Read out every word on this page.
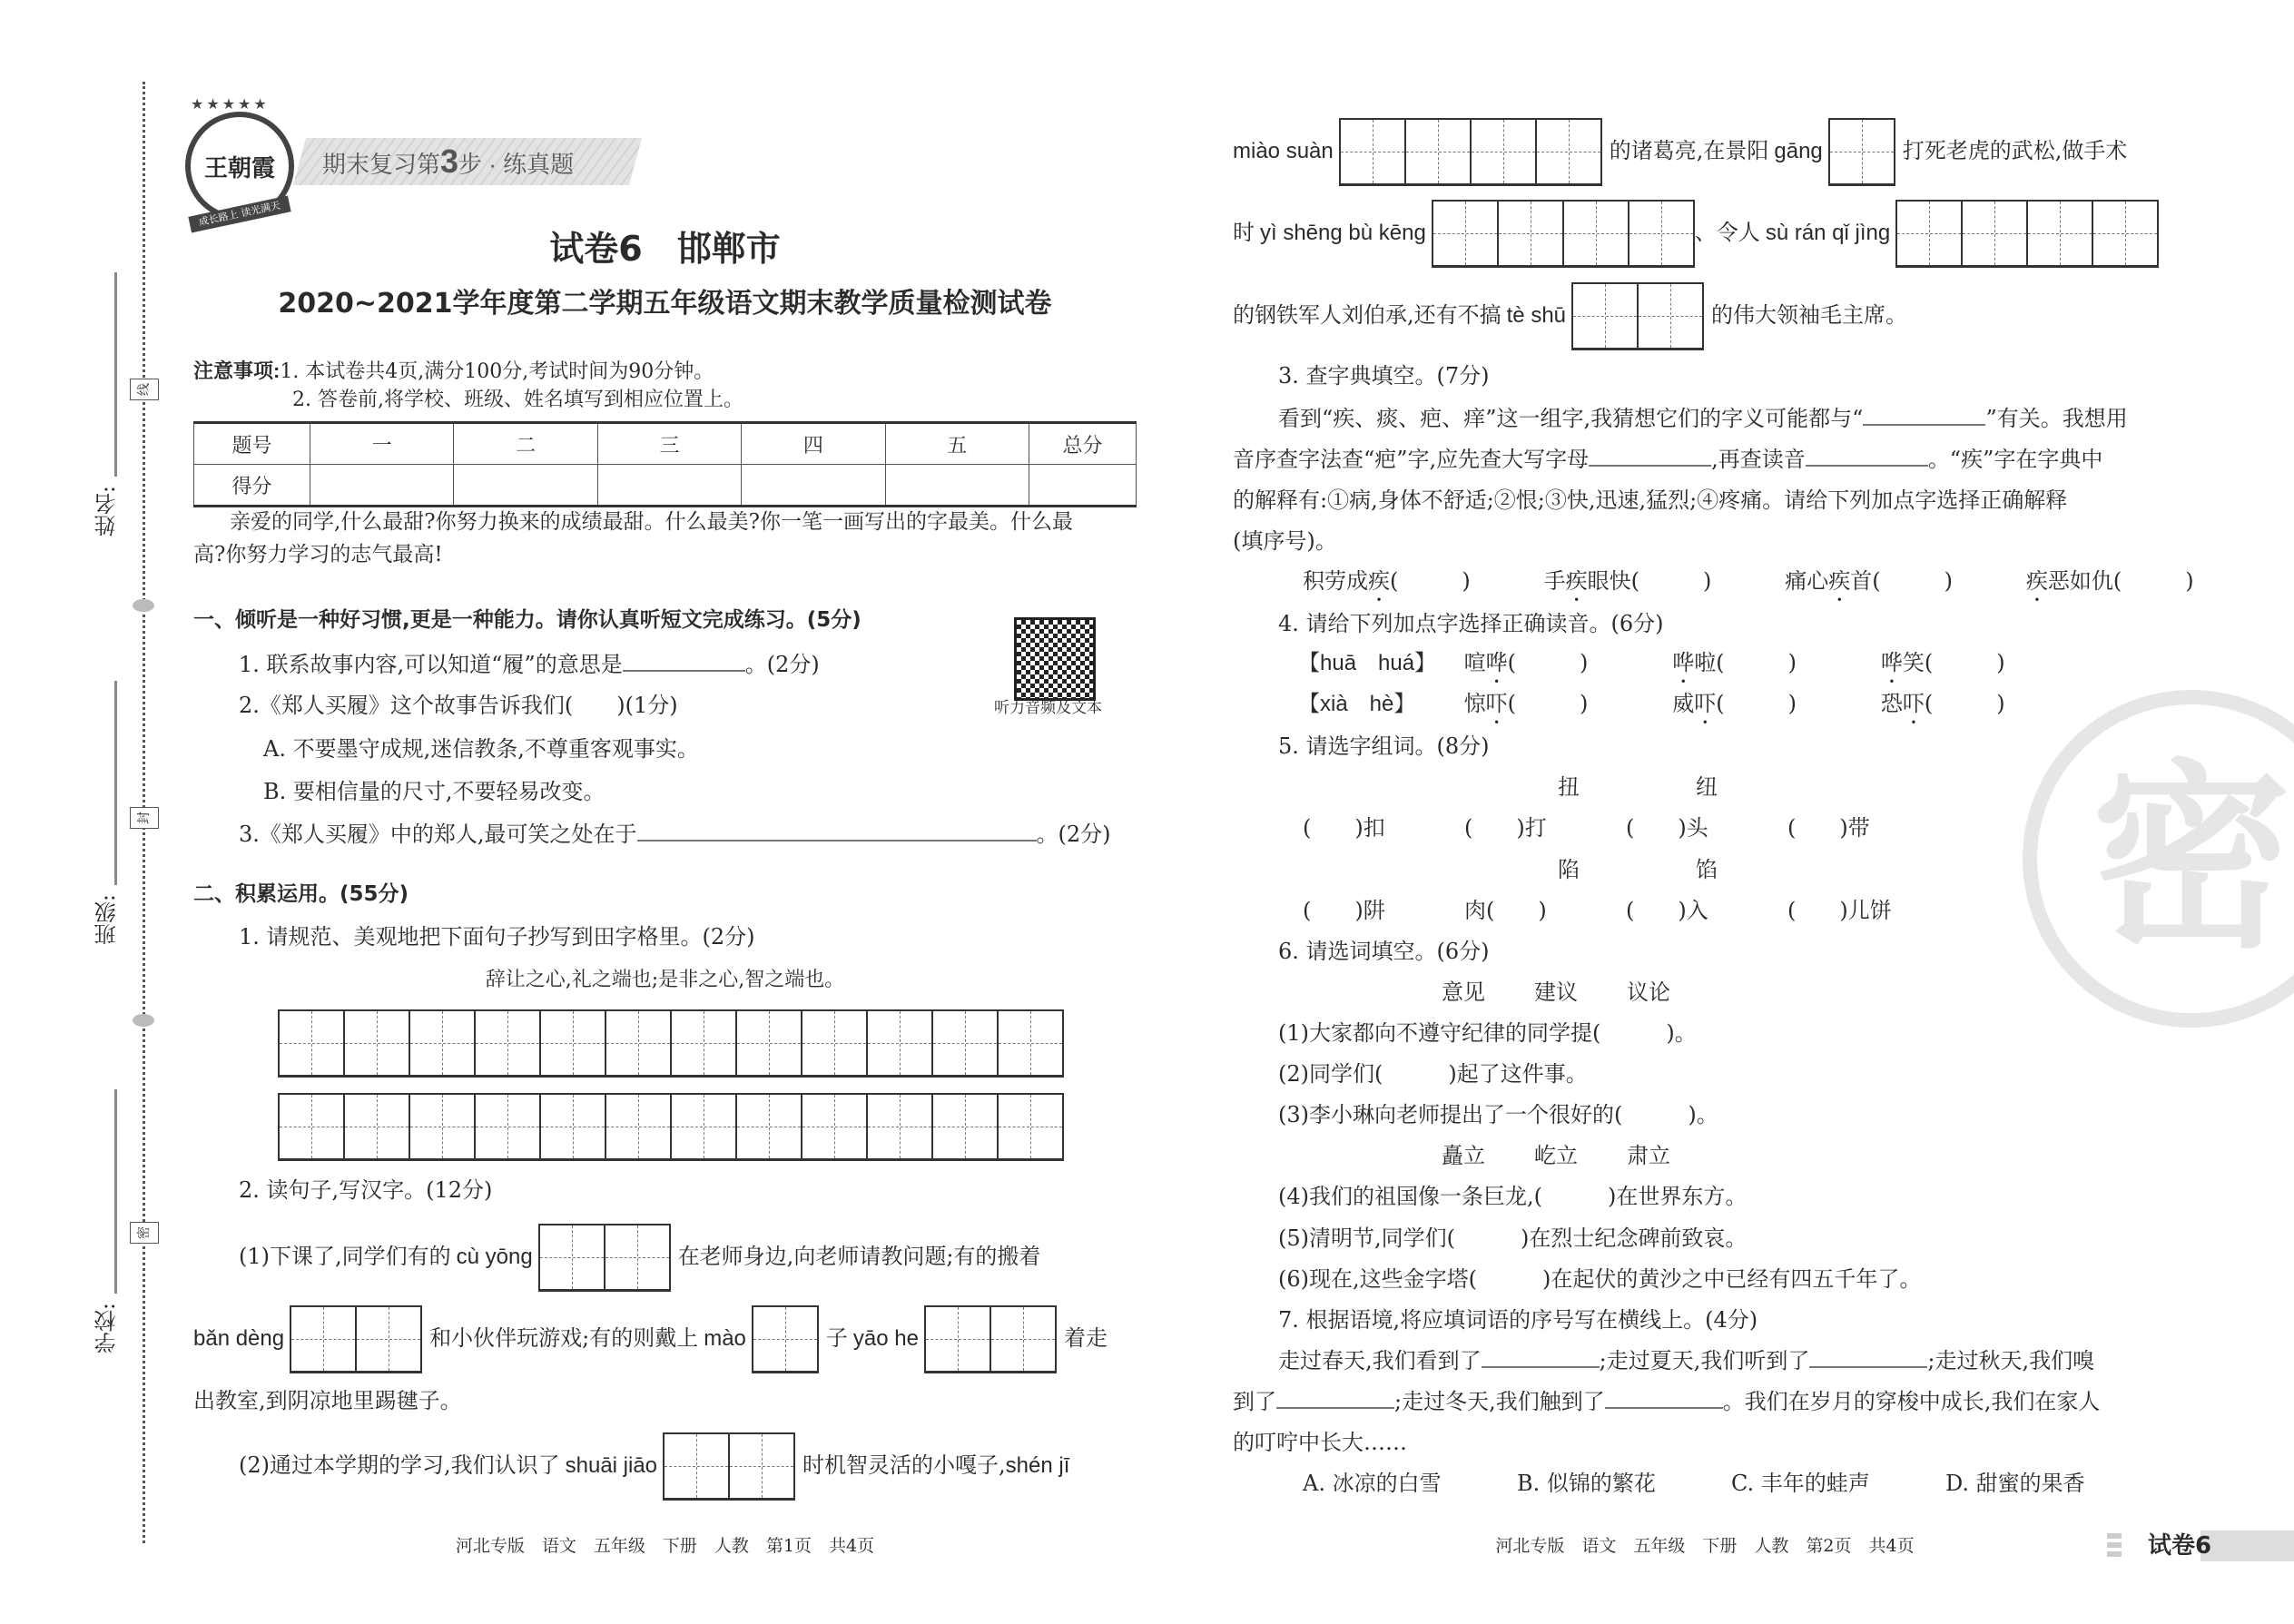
线
封
密
姓名:
班级:
学校:
王朝霞
★★★★★
成长路上 读光满天
期末复习第3步 · 练真题
试卷6　邯郸市
2020~2021学年度第二学期五年级语文期末教学质量检测试卷
注意事项:1. 本试卷共4页,满分100分,考试时间为90分钟。
2. 答卷前,将学校、班级、姓名填写到相应位置上。
题号	一	二	三	四	五	总分
得分						
亲爱的同学,什么最甜?你努力换来的成绩最甜。什么最美?你一笔一画写出的字最美。什么最
高?你努力学习的志气最高!
一、倾听是一种好习惯,更是一种能力。请你认真听短文完成练习。(5分)
听力音频及文本
1. 联系故事内容,可以知道“履”的意思是	。(2分)
2.《郑人买履》这个故事告诉我们(　　)(1分)
A. 不要墨守成规,迷信教条,不尊重客观事实。
B. 要相信量的尺寸,不要轻易改变。
3.《郑人买履》中的郑人,最可笑之处在于	。(2分)
二、积累运用。(55分)
1. 请规范、美观地把下面句子抄写到田字格里。(2分)
辞让之心,礼之端也;是非之心,智之端也。
2. 读句子,写汉字。(12分)
(1)下课了,同学们有的 cù yōng	在老师身边,向老师请教问题;有的搬着
bǎn dèng	和小伙伴玩游戏;有的则戴上 mào	子 yāo he	着走
出教室,到阴凉地里踢毽子。
(2)通过本学期的学习,我们认识了 shuāi jiāo	时机智灵活的小嘎子,shén jī
河北专版　语文　五年级　下册　人教　第1页　共4页
密
miào suàn	的诸葛亮,在景阳 gāng	打死老虎的武松,做手术
时 yì shēng bù kēng	、令人 sù rán qǐ jìng
的钢铁军人刘伯承,还有不搞 tè shū	的伟大领袖毛主席。
3. 查字典填空。(7分)
看到“疾、痰、疤、痒”这一组字,我猜想它们的字义可能都与“	”有关。我想用
音序查字法查“疤”字,应先查大写字母	,再查读音	。“疾”字在字典中
的解释有:①病,身体不舒适;②恨;③快,迅速,猛烈;④疼痛。请给下列加点字选择正确解释
(填序号)。
积劳成疾(	)	手疾眼快(	)	痛心疾首(	)	疾恶如仇(	)
4. 请给下列加点字选择正确读音。(6分)
【huā　huá】 喧哗(	)	哗啦(	)	哗笑(	)
【xià　hè】 惊吓(	)	威吓(	)	恐吓(	)
5. 请选字组词。(8分)
扭	纽
(　　)扣	(　　)打	(　　)头	(　　)带
陷	馅
(　　)阱	肉(　　)	(　　)入	(　　)儿饼
6. 请选词填空。(6分)
意见 建议 议论
(1)大家都向不遵守纪律的同学提(　　　)。
(2)同学们(　　　)起了这件事。
(3)李小琳向老师提出了一个很好的(　　　)。
矗立 屹立 肃立
(4)我们的祖国像一条巨龙,(　　　)在世界东方。
(5)清明节,同学们(　　　)在烈士纪念碑前致哀。
(6)现在,这些金字塔(　　　)在起伏的黄沙之中已经有四五千年了。
7. 根据语境,将应填词语的序号写在横线上。(4分)
走过春天,我们看到了	;走过夏天,我们听到了	;走过秋天,我们嗅
到了	;走过冬天,我们触到了	。我们在岁月的穿梭中成长,我们在家人
的叮咛中长大……
A. 冰凉的白雪	B. 似锦的繁花	C. 丰年的蛙声	D. 甜蜜的果香
河北专版　语文　五年级　下册　人教　第2页　共4页	试卷6
